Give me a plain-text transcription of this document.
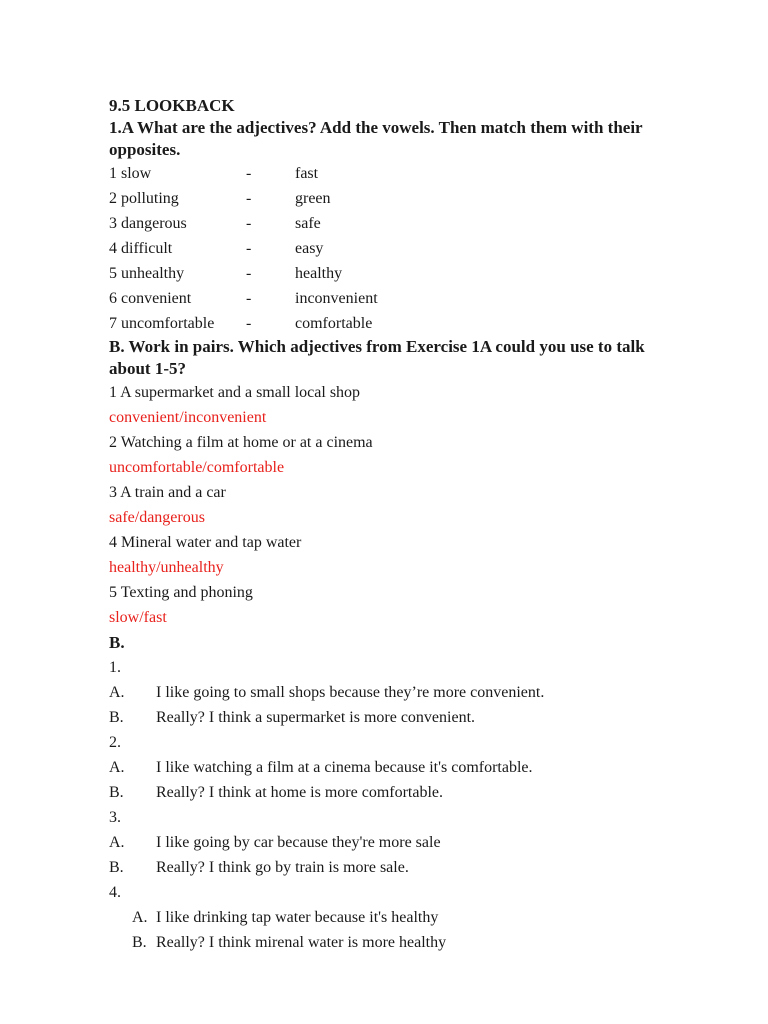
9.5 LOOKBACK
1.A What are the adjectives? Add the vowels. Then match them with their
opposites.
1 slow	-	fast
2 polluting	-	green
3 dangerous	-	safe
4 difficult	-	easy
5 unhealthy	-	healthy
6 convenient	-	inconvenient
7 uncomfortable	-	comfortable
B. Work in pairs. Which adjectives from Exercise 1A could you use to talk
about 1-5?
1 A supermarket and a small local shop
convenient/inconvenient
2 Watching a film at home or at a cinema
uncomfortable/comfortable
3 A train and a car
safe/dangerous
4 Mineral water and tap water
healthy/unhealthy
5 Texting and phoning
slow/fast
B.
1.
A. I like going to small shops because they’re more convenient.
B. Really? I think a supermarket is more convenient.
2.
A. I like watching a film at a cinema because it's comfortable.
B. Really? I think at home is more comfortable.
3.
A. I like going by car because they're more sale
B. Really? I think go by train is more sale.
4.
A. I like drinking tap water because it's healthy
B. Really? I think mirenal water is more healthy
